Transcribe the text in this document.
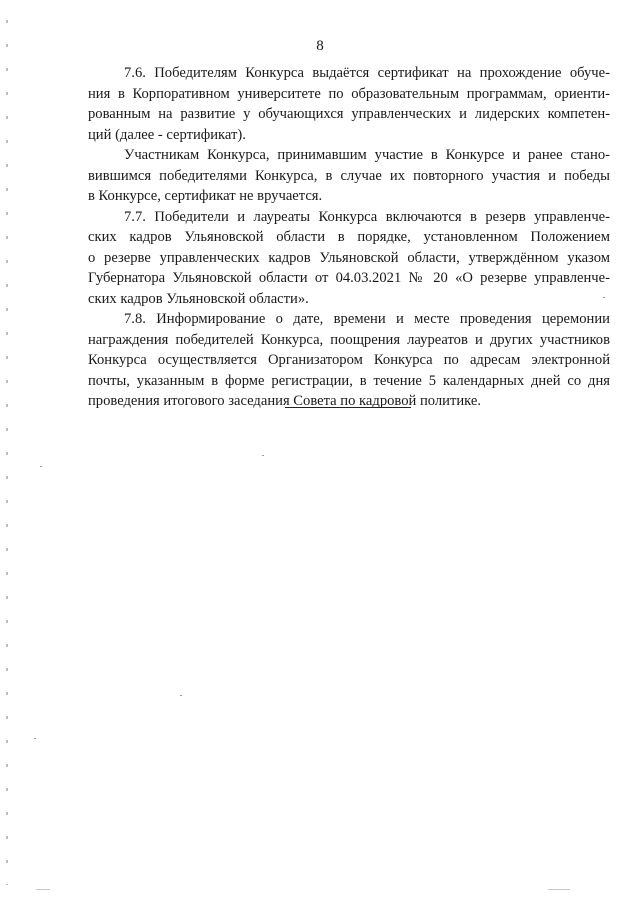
8

7.6. Победителям Конкурса выдаётся сертификат на прохождение обуче-
ния в Корпоративном университете по образовательным программам, ориенти-
рованным на развитие у обучающихся управленческих и лидерских компетен-
ций (далее - сертификат).

Участникам Конкурса, принимавшим участие в Конкурсе и ранее стано-
вившимся победителями Конкурса, в случае их повторного участия и победы
в Конкурсе, сертификат не вручается.

7.7. Победители и лауреаты Конкурса включаются в резерв управленче-
ских кадров Ульяновской области в порядке, установленном Положением
о резерве управленческих кадров Ульяновской области, утверждённом указом
Губернатора Ульяновской области от 04.03.2021 № 20 «О резерве управленче-
ских кадров Ульяновской области».

7.8. Информирование о дате, времени и месте проведения церемонии
награждения победителей Конкурса, поощрения лауреатов и других участников
Конкурса осуществляется Организатором Конкурса по адресам электронной
почты, указанным в форме регистрации, в течение 5 календарных дней со дня
проведения итогового заседания Совета по кадровой политике.
